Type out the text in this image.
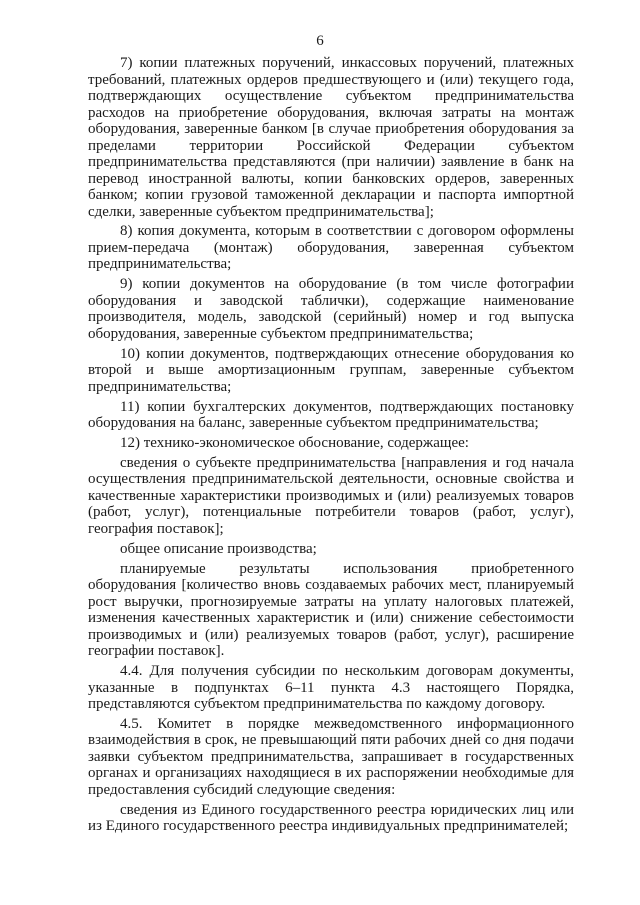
6

7) копии платежных поручений, инкассовых поручений, платежных требований, платежных ордеров предшествующего и (или) текущего года, подтверждающих осуществление субъектом предпринимательства расходов на приобретение оборудования, включая затраты на монтаж оборудования, заверенные банком [в случае приобретения оборудования за пределами территории Российской Федерации субъектом предпринимательства представляются (при наличии) заявление в банк на перевод иностранной валюты, копии банковских ордеров, заверенных банком; копии грузовой таможенной декларации и паспорта импортной сделки, заверенные субъектом предпринимательства];

8) копия документа, которым в соответствии с договором оформлены прием-передача (монтаж) оборудования, заверенная субъектом предпринимательства;

9) копии документов на оборудование (в том числе фотографии оборудования и заводской таблички), содержащие наименование производителя, модель, заводской (серийный) номер и год выпуска оборудования, заверенные субъектом предпринимательства;

10) копии документов, подтверждающих отнесение оборудования ко второй и выше амортизационным группам, заверенные субъектом предпринимательства;

11) копии бухгалтерских документов, подтверждающих постановку оборудования на баланс, заверенные субъектом предпринимательства;

12) технико-экономическое обоснование, содержащее:

сведения о субъекте предпринимательства [направления и год начала осуществления предпринимательской деятельности, основные свойства и качественные характеристики производимых и (или) реализуемых товаров (работ, услуг), потенциальные потребители товаров (работ, услуг), география поставок];

общее описание производства;

планируемые результаты использования приобретенного оборудования [количество вновь создаваемых рабочих мест, планируемый рост выручки, прогнозируемые затраты на уплату налоговых платежей, изменения качественных характеристик и (или) снижение себестоимости производимых и (или) реализуемых товаров (работ, услуг), расширение географии поставок].

4.4. Для получения субсидии по нескольким договорам документы, указанные в подпунктах 6–11 пункта 4.3 настоящего Порядка, представляются субъектом предпринимательства по каждому договору.

4.5. Комитет в порядке межведомственного информационного взаимодействия в срок, не превышающий пяти рабочих дней со дня подачи заявки субъектом предпринимательства, запрашивает в государственных органах и организациях находящиеся в их распоряжении необходимые для предоставления субсидий следующие сведения:

сведения из Единого государственного реестра юридических лиц или из Единого государственного реестра индивидуальных предпринимателей;
